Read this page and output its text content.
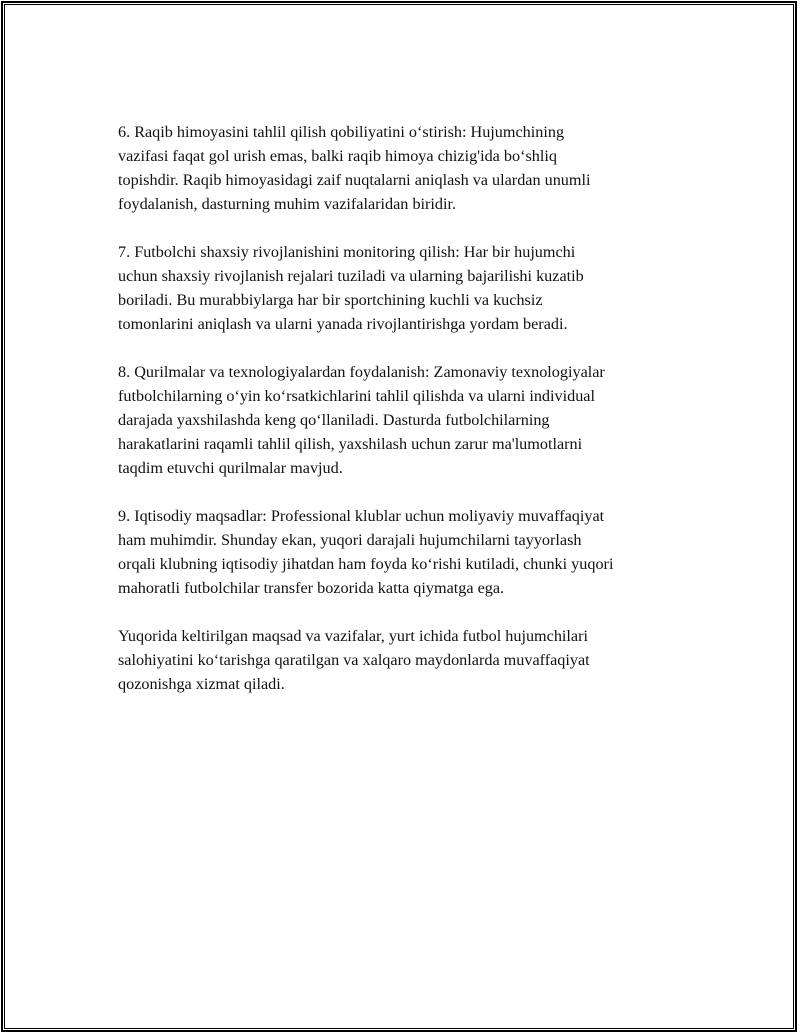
6. Raqib himoyasini tahlil qilish qobiliyatini o‘stirish: Hujumchining
vazifasi faqat gol urish emas, balki raqib himoya chizig'ida bo‘shliq
topishdir. Raqib himoyasidagi zaif nuqtalarni aniqlash va ulardan unumli
foydalanish, dasturning muhim vazifalaridan biridir.

7. Futbolchi shaxsiy rivojlanishini monitoring qilish: Har bir hujumchi
uchun shaxsiy rivojlanish rejalari tuziladi va ularning bajarilishi kuzatib
boriladi. Bu murabbiylarga har bir sportchining kuchli va kuchsiz
tomonlarini aniqlash va ularni yanada rivojlantirishga yordam beradi.

8. Qurilmalar va texnologiyalardan foydalanish: Zamonaviy texnologiyalar
futbolchilarning o‘yin ko‘rsatkichlarini tahlil qilishda va ularni individual
darajada yaxshilashda keng qo‘llaniladi. Dasturda futbolchilarning
harakatlarini raqamli tahlil qilish, yaxshilash uchun zarur ma'lumotlarni
taqdim etuvchi qurilmalar mavjud.

9. Iqtisodiy maqsadlar: Professional klublar uchun moliyaviy muvaffaqiyat
ham muhimdir. Shunday ekan, yuqori darajali hujumchilarni tayyorlash
orqali klubning iqtisodiy jihatdan ham foyda ko‘rishi kutiladi, chunki yuqori
mahoratli futbolchilar transfer bozorida katta qiymatga ega.

Yuqorida keltirilgan maqsad va vazifalar, yurt ichida futbol hujumchilari
salohiyatini ko‘tarishga qaratilgan va xalqaro maydonlarda muvaffaqiyat
qozonishga xizmat qiladi.
